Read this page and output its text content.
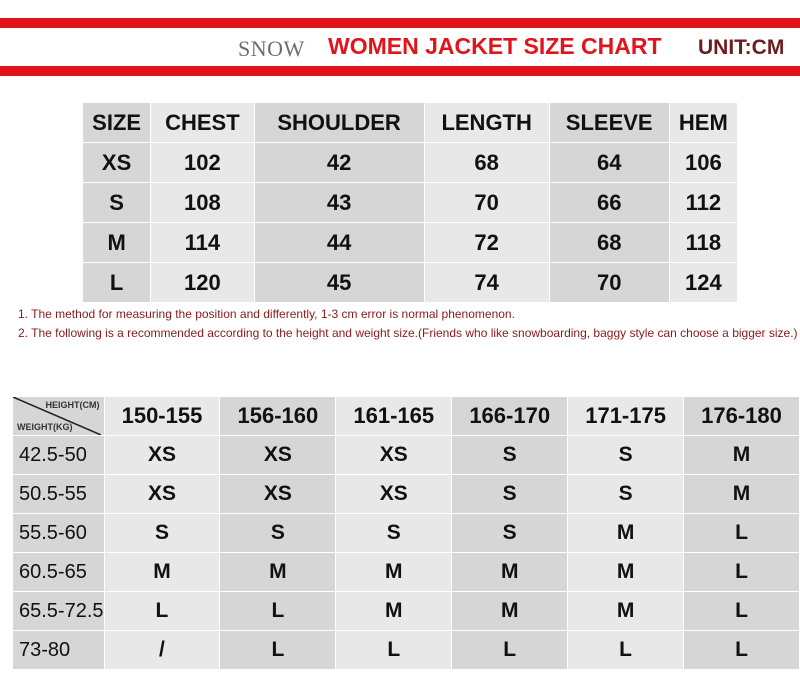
SNOW WOMEN JACKET SIZE CHART UNIT:CM
SIZE	CHEST	SHOULDER	LENGTH	SLEEVE	HEM
XS	102	42	68	64	106
S	108	43	70	66	112
M	114	44	72	68	118
L	120	45	74	70	124

1. The method for measuring the position and differently, 1-3 cm error is normal phenomenon.

2. The following is a recommended according to the height and weight size.(Friends who like snowboarding, baggy style can choose a bigger size.)

HEIGHT(CM)
WEIGHT(KG)	150-155	156-160	161-165	166-170	171-175	176-180
42.5-50	XS	XS	XS	S	S	M
50.5-55	XS	XS	XS	S	S	M
55.5-60	S	S	S	S	M	L
60.5-65	M	M	M	M	M	L
65.5-72.5	L	L	M	M	M	L
73-80	/	L	L	L	L	L
